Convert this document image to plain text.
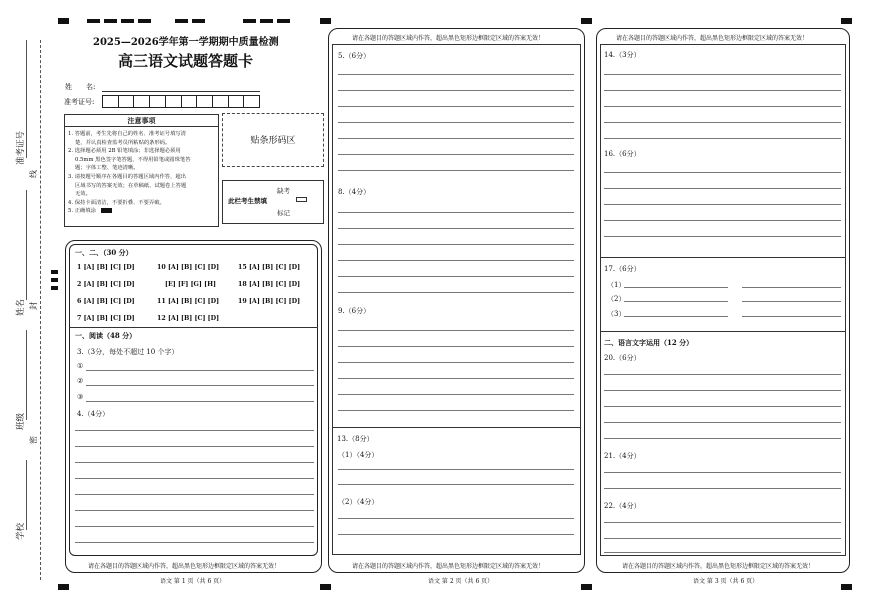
准考证号
线
姓名 封
班级
密
学校
2025—2026学年第一学期期中质量检测
高三语文试题答题卡
姓　　名:
准考证号:
注意事项
1. 答题前，考生先将自己的姓名、准考证号填写清
楚，并认真检查监考员所粘贴的条形码。
2. 选择题必须用 2B 铅笔填涂；非选择题必须用
0.5mm 黑色签字笔答题，不得用铅笔或圆珠笔答
题；字体工整、笔迹清晰。
3. 请按题号顺序在各题目的答题区域内作答，超出
区域书写的答案无效；在草稿纸、试题卷上答题
无效。
4. 保持卡面清洁，不要折叠、不要弄破。
5. 正确填涂
贴条形码区
缺考
此栏考生禁填
标记
一、二、（30 分）
1 [A] [B] [C] [D]	10 [A] [B] [C] [D]	15 [A] [B] [C] [D]
2 [A] [B] [C] [D]	[E] [F] [G] [H]	18 [A] [B] [C] [D]
6 [A] [B] [C] [D]	11 [A] [B] [C] [D]	19 [A] [B] [C] [D]
7 [A] [B] [C] [D]	12 [A] [B] [C] [D]
一、阅读（48 分）
3.（3分，每处不超过 10 个字）
①
②
③
4.（4分）
请在各题目的答题区域内作答，超出黑色矩形边框限定区域的答案无效！
语文 第 1 页（共 6 页）
请在各题目的答题区域内作答，超出黑色矩形边框限定区域的答案无效！
5.（6分）
8.（4分）
9.（6分）
13.（8分）
（1）（4分）
（2）（4分）
请在各题目的答题区域内作答，超出黑色矩形边框限定区域的答案无效！
语文 第 2 页（共 6 页）
请在各题目的答题区域内作答，超出黑色矩形边框限定区域的答案无效！
14.（3分）
16.（6分）
17.（6分）
（1）
（2）
（3）
二、语言文字运用（12 分）
20.（6分）
21.（4分）
22.（4分）
请在各题目的答题区域内作答，超出黑色矩形边框限定区域的答案无效！
语文 第 3 页（共 6 页）
